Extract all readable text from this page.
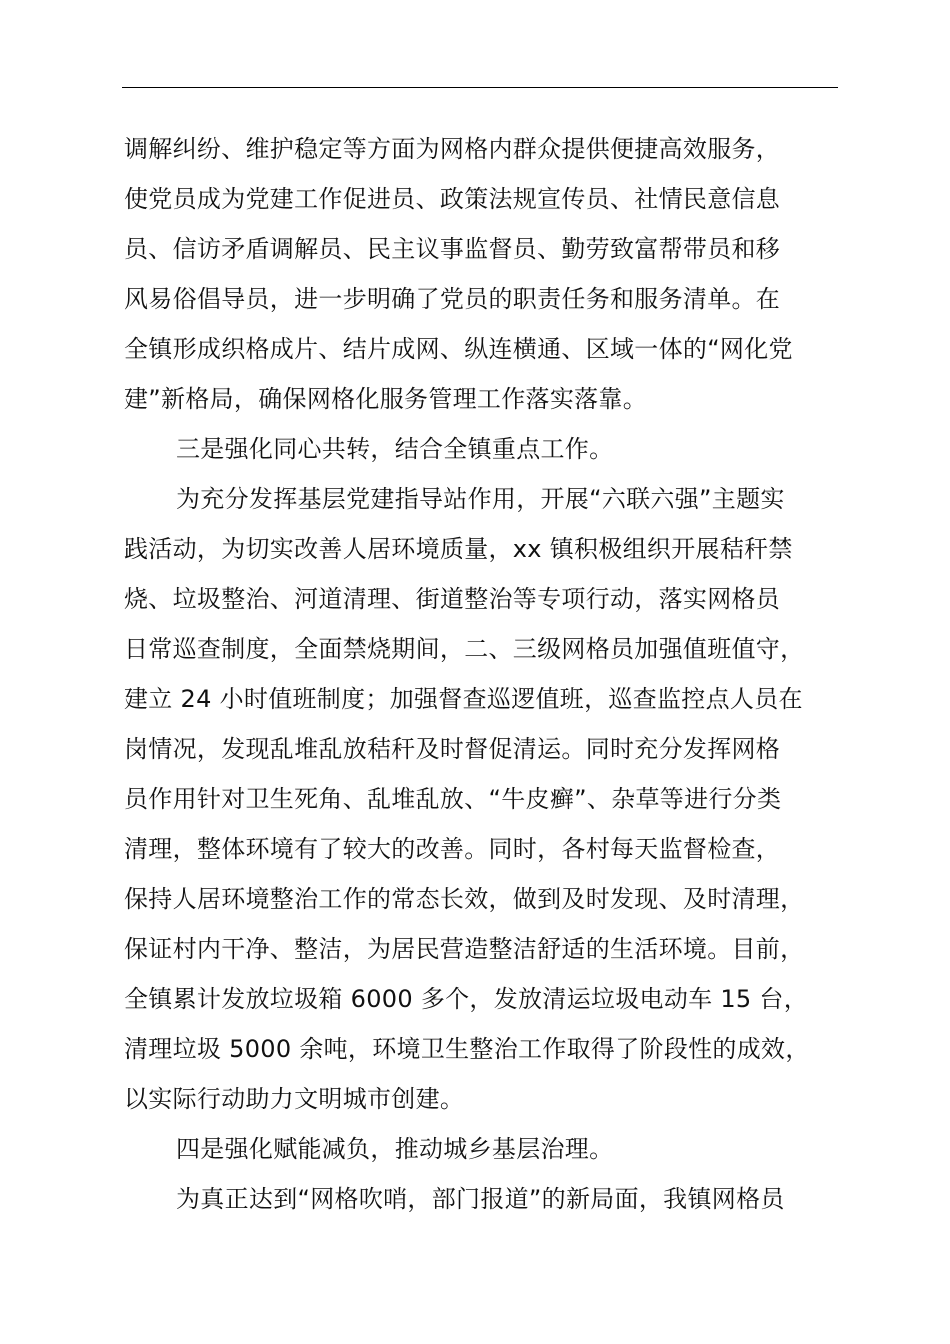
调解纠纷、维护稳定等方面为网格内群众提供便捷高效服务，
使党员成为党建工作促进员、政策法规宣传员、社情民意信息
员、信访矛盾调解员、民主议事监督员、勤劳致富帮带员和移
风易俗倡导员，进一步明确了党员的职责任务和服务清单。在
全镇形成织格成片、结片成网、纵连横通、区域一体的“网化党
建”新格局，确保网格化服务管理工作落实落靠。
三是强化同心共转，结合全镇重点工作。
为充分发挥基层党建指导站作用，开展“六联六强”主题实
践活动，为切实改善人居环境质量，xx 镇积极组织开展秸秆禁
烧、垃圾整治、河道清理、街道整治等专项行动，落实网格员
日常巡查制度，全面禁烧期间，二、三级网格员加强值班值守，
建立 24 小时值班制度；加强督查巡逻值班，巡查监控点人员在
岗情况，发现乱堆乱放秸秆及时督促清运。同时充分发挥网格
员作用针对卫生死角、乱堆乱放、“牛皮癣”、杂草等进行分类
清理，整体环境有了较大的改善。同时，各村每天监督检查，
保持人居环境整治工作的常态长效，做到及时发现、及时清理，
保证村内干净、整洁，为居民营造整洁舒适的生活环境。目前，
全镇累计发放垃圾箱 6000 多个，发放清运垃圾电动车 15 台，
清理垃圾 5000 余吨，环境卫生整治工作取得了阶段性的成效，
以实际行动助力文明城市创建。
四是强化赋能减负，推动城乡基层治理。
为真正达到“网格吹哨，部门报道”的新局面，我镇网格员
